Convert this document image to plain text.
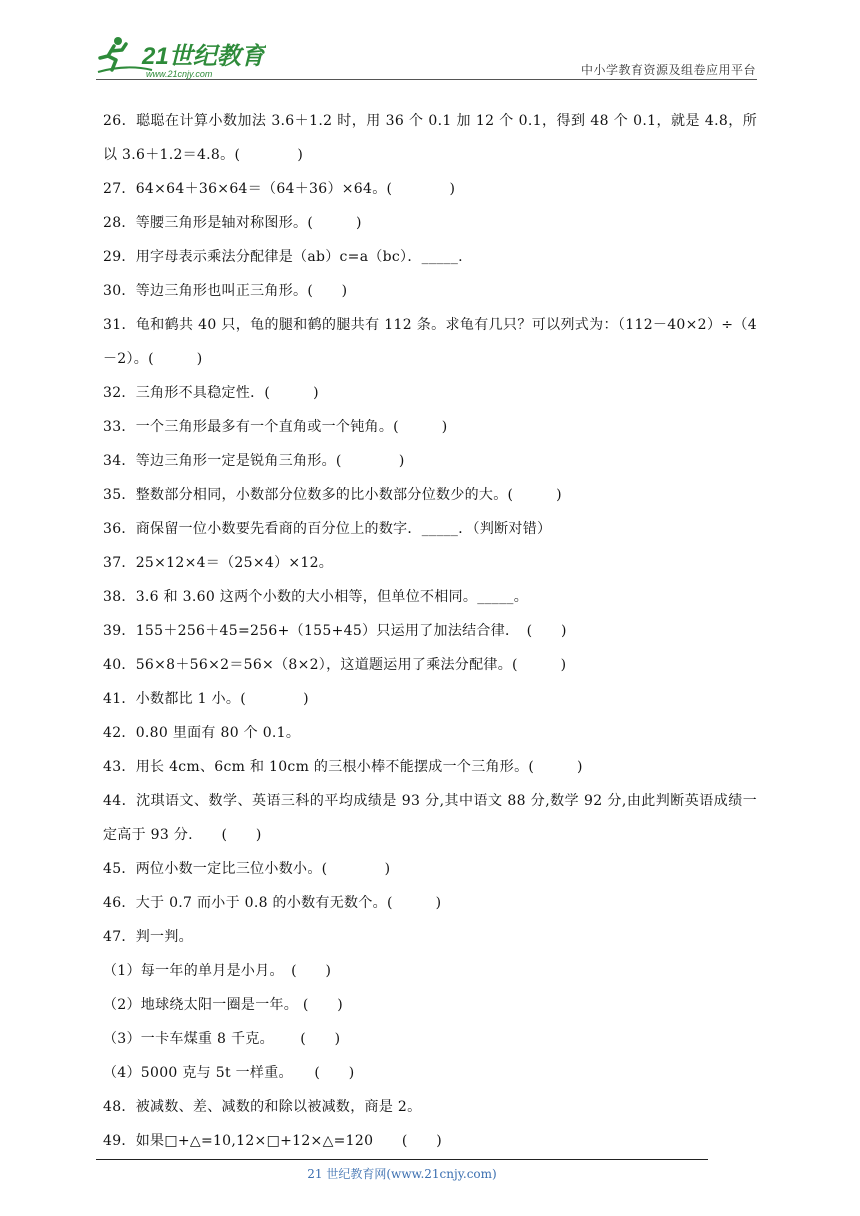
21世纪教育
www.21cnjy.com	中小学教育资源及组卷应用平台
26．聪聪在计算小数加法 3.6＋1.2 时，用 36 个 0.1 加 12 个 0.1，得到 48 个 0.1，就是 4.8，所以 3.6＋1.2＝4.8。(　　　　)
27．64×64＋36×64＝（64＋36）×64。(　　　　)
28．等腰三角形是轴对称图形。(　　　)
29．用字母表示乘法分配律是（ab）c=a（bc）．_____.
30．等边三角形也叫正三角形。(　　)
31．龟和鹤共 40 只，龟的腿和鹤的腿共有 112 条。求龟有几只？可以列式为：（112－40×2）÷（4－2）。(　　　)
32．三角形不具稳定性．(　　　)
33．一个三角形最多有一个直角或一个钝角。(　　　)
34．等边三角形一定是锐角三角形。(　　　　)
35．整数部分相同，小数部分位数多的比小数部分位数少的大。(　　　)
36．商保留一位小数要先看商的百分位上的数字．_____．（判断对错）
37．25×12×4＝（25×4）×12。
38．3.6 和 3.60 这两个小数的大小相等，但单位不相同。_____。
39．155＋256＋45=256+（155+45）只运用了加法结合律．　(　　)
40．56×8＋56×2＝56×（8×2），这道题运用了乘法分配律。(　　　)
41．小数都比 1 小。(　　　　)
42．0.80 里面有 80 个 0.1。
43．用长 4cm、6cm 和 10cm 的三根小棒不能摆成一个三角形。(　　　)
44．沈琪语文、数学、英语三科的平均成绩是 93 分,其中语文 88 分,数学 92 分,由此判断英语成绩一定高于 93 分.　　(　　)
45．两位小数一定比三位小数小。(　　　　)
46．大于 0.7 而小于 0.8 的小数有无数个。(　　　)
47．判一判。
（1）每一年的单月是小月。　(　　)
（2）地球绕太阳一圈是一年。 (　　)
（3）一卡车煤重 8 千克。　　 (　　)
（4）5000 克与 5t 一样重。　　(　　)
48．被减数、差、减数的和除以被减数，商是 2。
49．如果□+△=10,12×□+12×△=120　　(　　)
21 世纪教育网(www.21cnjy.com)
